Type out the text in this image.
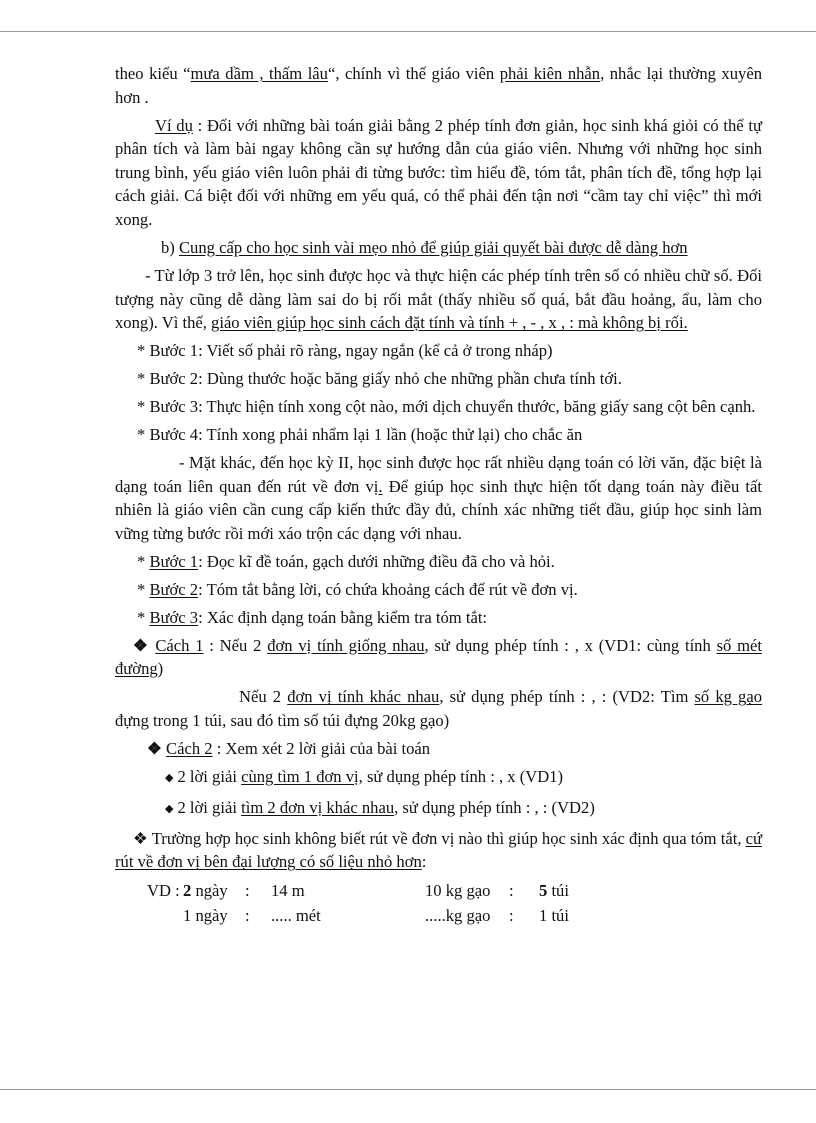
theo kiểu “mưa dầm , thấm lâu“, chính vì thế giáo viên phải kiên nhẫn, nhắc lại thường xuyên hơn .

Ví dụ : Đối với những bài toán giải bằng 2 phép tính đơn giản, học sinh khá giỏi có thể tự phân tích và làm bài ngay không cần sự hướng dẫn của giáo viên. Nhưng với những học sinh trung bình, yếu giáo viên luôn phải đi từng bước: tìm hiểu đề, tóm tắt, phân tích đề, tổng hợp lại cách giải. Cá biệt đối với những em yếu quá, có thể phải đến tận nơi “cầm tay chỉ việc” thì mới xong.

b) Cung cấp cho học sinh vài mẹo nhỏ để giúp giải quyết bài được dễ dàng hơn

- Từ lớp 3 trở lên, học sinh được học và thực hiện các phép tính trên số có nhiều chữ số. Đối tượng này cũng dễ dàng làm sai do bị rối mắt (thấy nhiều số quá, bắt đầu hoảng, ẩu, làm cho xong). Vì thế, giáo viên giúp học sinh cách đặt tính và tính + , - , x , : mà không bị rối.

* Bước 1: Viết số phải rõ ràng, ngay ngắn (kể cả ở trong nháp)

* Bước 2: Dùng thước hoặc băng giấy nhỏ che những phần chưa tính tới.

* Bước 3: Thực hiện tính xong cột nào, mới dịch chuyển thước, băng giấy sang cột bên cạnh.

* Bước 4: Tính xong phải nhẩm lại 1 lần (hoặc thử lại) cho chắc ăn

- Mặt khác, đến học kỳ II, học sinh được học rất nhiều dạng toán có lời văn, đặc biệt là dạng toán liên quan đến rút về đơn vị. Để giúp học sinh thực hiện tốt dạng toán này điều tất nhiên là giáo viên cần cung cấp kiến thức đầy đủ, chính xác những tiết đầu, giúp học sinh làm vững từng bước rồi mới xáo trộn các dạng với nhau.

* Bước 1: Đọc kĩ đề toán, gạch dưới những điều đã cho và hỏi.

* Bước 2: Tóm tắt bằng lời, có chứa khoảng cách để rút về đơn vị.

* Bước 3: Xác định dạng toán bằng kiểm tra tóm tắt:

❖ Cách 1 : Nếu 2 đơn vị tính giống nhau, sử dụng phép tính : , x (VD1: cùng tính số mét đường)

Nếu 2 đơn vị tính khác nhau, sử dụng phép tính : , : (VD2: Tìm số kg gạo đựng trong 1 túi, sau đó tìm số túi đựng 20kg gạo)

❖ Cách 2 : Xem xét 2 lời giải của bài toán

◆ 2 lời giải cùng tìm 1 đơn vị, sử dụng phép tính : , x (VD1)

◆ 2 lời giải tìm 2 đơn vị khác nhau, sử dụng phép tính : , : (VD2)

❖ Trường hợp học sinh không biết rút về đơn vị nào thì giúp học sinh xác định qua tóm tắt, cứ rút về đơn vị bên đại lượng có số liệu nhỏ hơn:

VD : 2 ngày	:	14 m	10 kg gạo	:	5 túi
1 ngày	:	..... mét	.....kg gạo	:	1 túi
